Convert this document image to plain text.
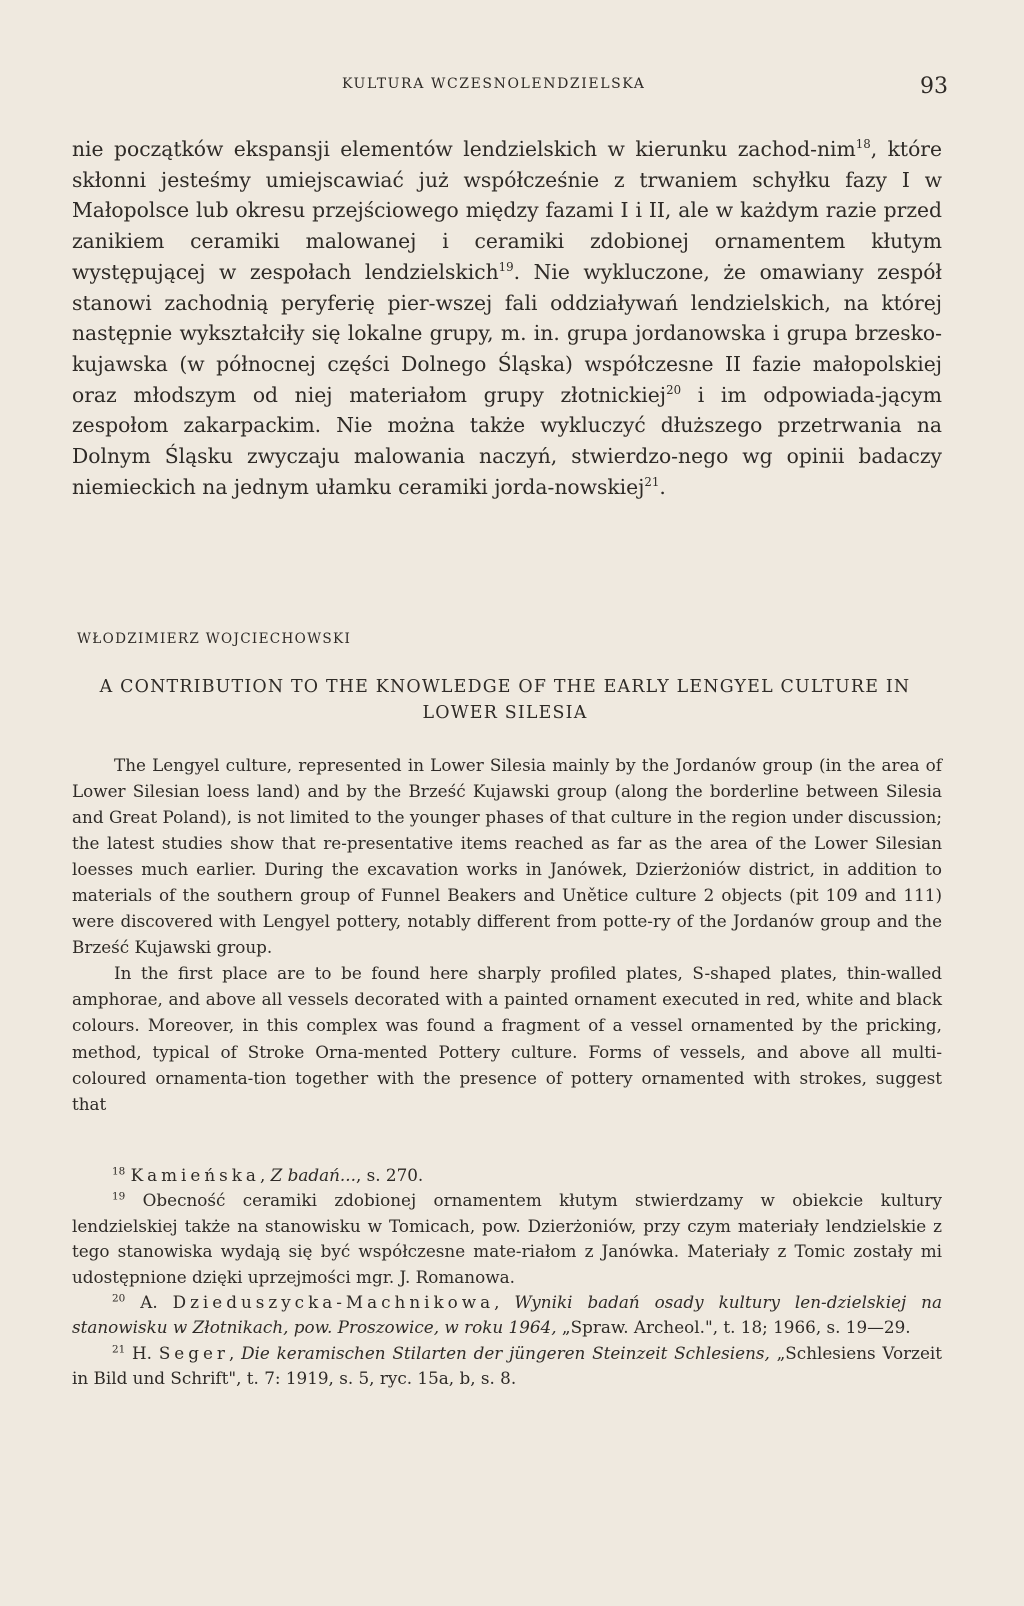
KULTURA WCZESNOLENDZIELSKA	93

nie początków ekspansji elementów lendzielskich w kierunku zachod-nim$^{18}$, które skłonni jesteśmy umiejscawiać już współcześnie z trwaniem schyłku fazy I w Małopolsce lub okresu przejściowego między fazami I i II, ale w każdym razie przed zanikiem ceramiki malowanej i ceramiki zdobionej ornamentem kłutym występującej w zespołach lendzielskich$^{19}$. Nie wykluczone, że omawiany zespół stanowi zachodnią peryferię pier-wszej fali oddziaływań lendzielskich, na której następnie wykształciły się lokalne grupy, m. in. grupa jordanowska i grupa brzesko-kujawska (w północnej części Dolnego Śląska) współczesne II fazie małopolskiej oraz młodszym od niej materiałom grupy złotnickiej$^{20}$ i im odpowiada-jącym zespołom zakarpackim. Nie można także wykluczyć dłuższego przetrwania na Dolnym Śląsku zwyczaju malowania naczyń, stwierdzo-nego wg opinii badaczy niemieckich na jednym ułamku ceramiki jorda-nowskiej$^{21}$.

WŁODZIMIERZ WOJCIECHOWSKI
A CONTRIBUTION TO THE KNOWLEDGE OF THE EARLY LENGYEL CULTURE IN LOWER SILESIA

The Lengyel culture, represented in Lower Silesia mainly by the Jordanów group (in the area of Lower Silesian loess land) and by the Brześć Kujawski group (along the borderline between Silesia and Great Poland), is not limited to the younger phases of that culture in the region under discussion; the latest studies show that re-presentative items reached as far as the area of the Lower Silesian loesses much earlier. During the excavation works in Janówek, Dzierżoniów district, in addition to materials of the southern group of Funnel Beakers and Unětice culture 2 objects (pit 109 and 111) were discovered with Lengyel pottery, notably different from potte-ry of the Jordanów group and the Brześć Kujawski group.

In the first place are to be found here sharply profiled plates, S-shaped plates, thin-walled amphorae, and above all vessels decorated with a painted ornament executed in red, white and black colours. Moreover, in this complex was found a fragment of a vessel ornamented by the pricking, method, typical of Stroke Orna-mented Pottery culture. Forms of vessels, and above all multi-coloured ornamenta-tion together with the presence of pottery ornamented with strokes, suggest that

$^{18}$ Kamieńska, Z badań..., s. 270.

$^{19}$ Obecność ceramiki zdobionej ornamentem kłutym stwierdzamy w obiekcie kultury lendzielskiej także na stanowisku w Tomicach, pow. Dzierżoniów, przy czym materiały lendzielskie z tego stanowiska wydają się być współczesne mate-riałom z Janówka. Materiały z Tomic zostały mi udostępnione dzięki uprzejmości mgr. J. Romanowa.

$^{20}$ A. Dzieduszycka-Machnikowa, Wyniki badań osady kultury len-dzielskiej na stanowisku w Złotnikach, pow. Proszowice, w roku 1964, „Spraw. Archeol.", t. 18; 1966, s. 19—29.

$^{21}$ H. Seger, Die keramischen Stilarten der jüngeren Steinzeit Schlesiens, „Schlesiens Vorzeit in Bild und Schrift", t. 7: 1919, s. 5, ryc. 15a, b, s. 8.
